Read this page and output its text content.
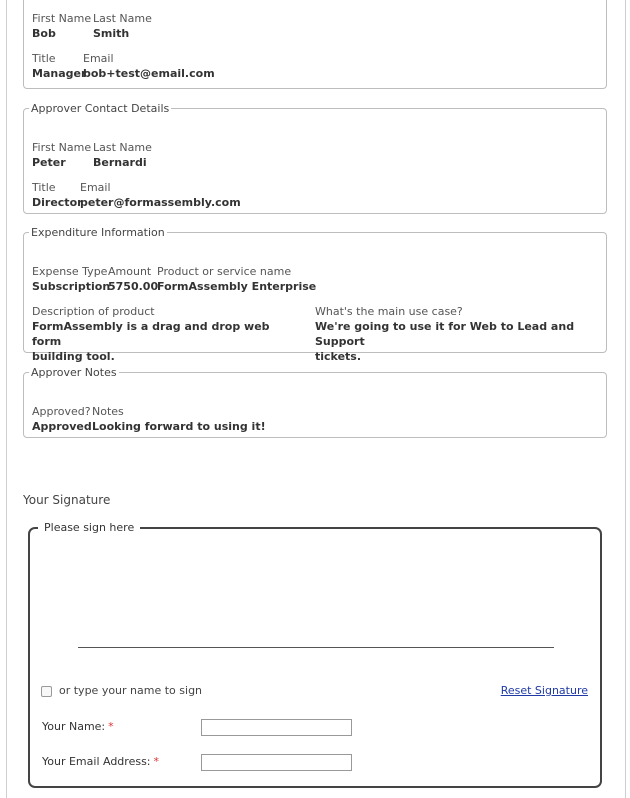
First Name
Bob
Last Name
Smith
Title
Manager
Email
bob+test@email.com
Approver Contact Details
First Name
Peter
Last Name
Bernardi
Title
Director
Email
peter@formassembly.com
Expenditure Information
Expense Type
Subscription
Amount
5750.00
Product or service name
FormAssembly Enterprise
Description of product
FormAssembly is a drag and drop web form
building tool.
What's the main use case?
We're going to use it for Web to Lead and Support
tickets.
Approver Notes
Approved?
Approved
Notes
Looking forward to using it!
Your Signature
Please sign here
or type your name to sign	Reset Signature
Your Name: *
Your Email Address: *
